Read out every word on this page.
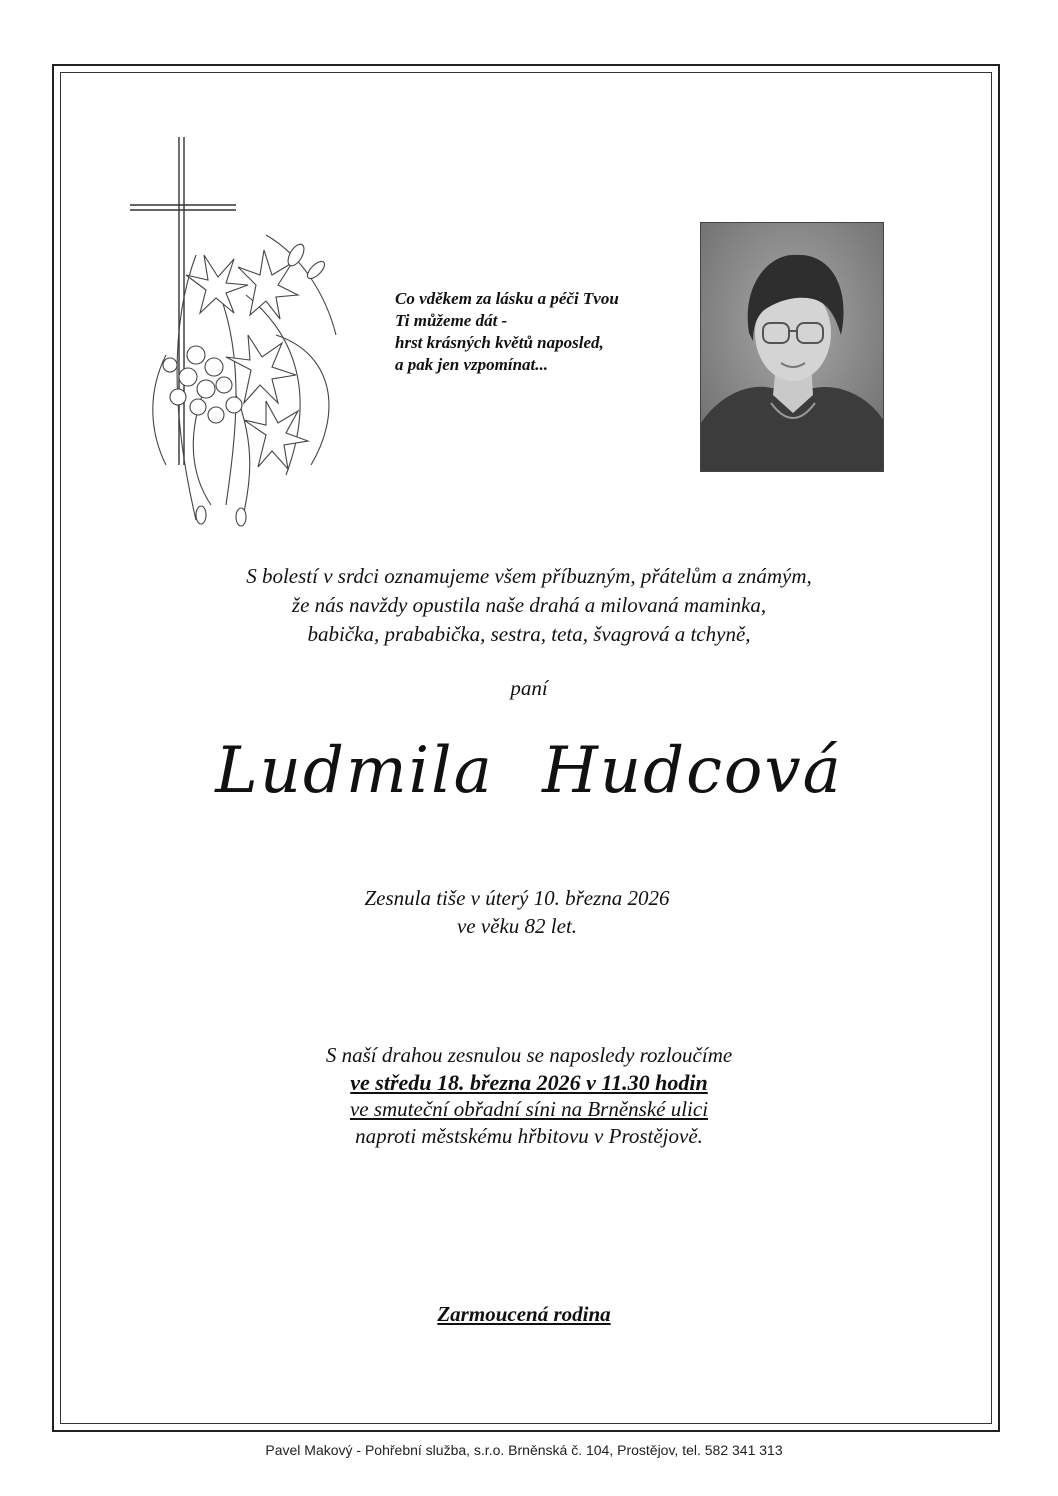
Co vděkem za lásku a péči Tvou
Ti můžeme dát -
hrst krásných květů naposled,
a pak jen vzpomínat...
S bolestí v srdci oznamujeme všem příbuzným, přátelům a známým,
že nás navždy opustila naše drahá a milovaná maminka,
babička, prababička, sestra, teta, švagrová a tchyně,
paní
Ludmila Hudcová
Zesnula tiše v úterý 10. března 2026
ve věku 82 let.
S naší drahou zesnulou se naposledy rozloučíme
ve středu 18. března 2026 v 11.30 hodin
ve smuteční obřadní síni na Brněnské ulici
naproti městskému hřbitovu v Prostějově.
Zarmoucená rodina
Pavel Makový - Pohřební služba, s.r.o. Brněnská č. 104, Prostějov, tel. 582 341 313
